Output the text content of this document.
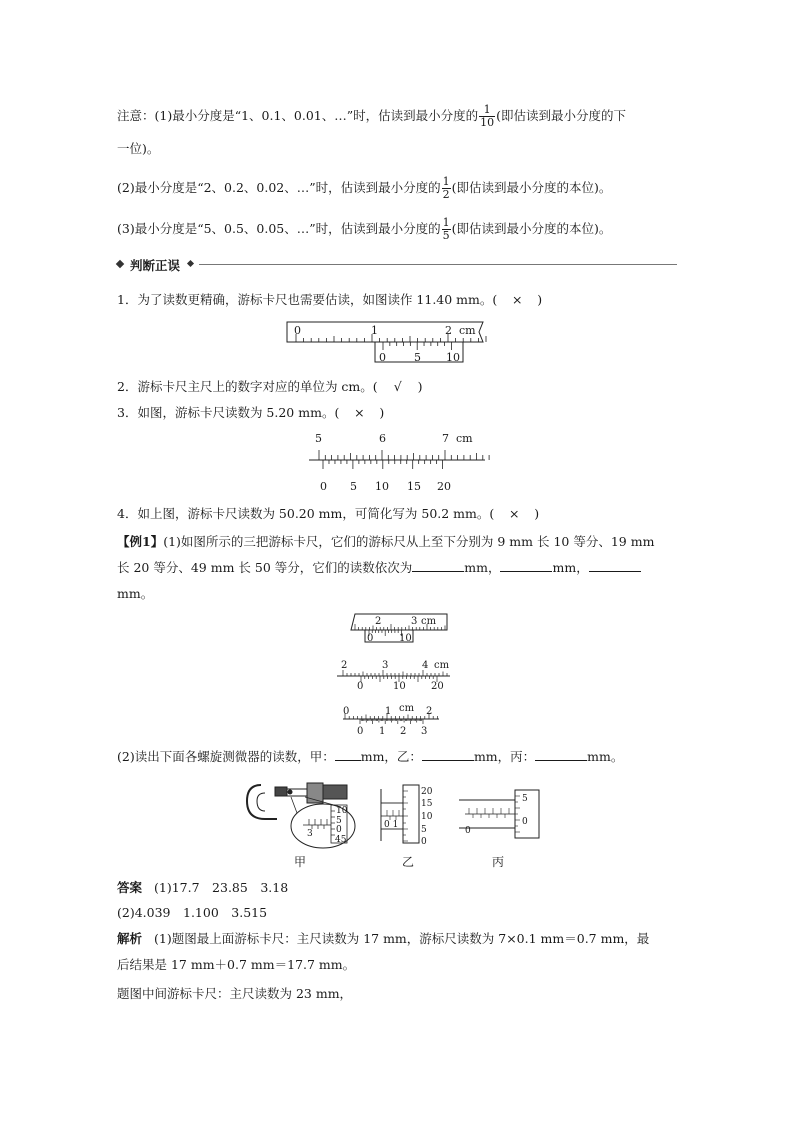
注意：(1)最小分度是“1、0.1、0.01、…”时，估读到最小分度的 $\frac{1}{10}$ (即估读到最小分度的下
一位)。
(2)最小分度是“2、0.2、0.02、…”时，估读到最小分度的 $\frac{1}{2}$ (即估读到最小分度的本位)。
(3)最小分度是“5、0.5、0.05、…”时，估读到最小分度的 $\frac{1}{5}$ (即估读到最小分度的本位)。
判断正误
1．为了读数更精确，游标卡尺也需要估读，如图读作 11.40 mm。( × )
0	1	2 cm
0	5 10
2．游标卡尺主尺上的数字对应的单位为 cm。( √ )
3．如图，游标卡尺读数为 5.20 mm。( × )
5	6	7 cm
0 5 10 15 20
4．如上图，游标卡尺读数为 50.20 mm，可简化写为 50.2 mm。( × )
【例1】(1)如图所示的三把游标卡尺，它们的游标尺从上至下分别为 9 mm 长 10 等分、19 mm
长 20 等分、49 mm 长 50 等分，它们的读数依次为	mm，	mm，
mm。
2	3 cm
0	10
2	3	4 cm
0	10	20
0	1 cm 2
0 1 2 3
(2)读出下面各螺旋测微器的读数，甲： mm，乙：	mm，丙：	mm。
10
5
0
45
3
甲
20
15
10
5
0
0 1
乙
5
0
0
丙
答案 (1)17.7　23.85　3.18
(2)4.039　1.100　3.515
解析 (1)题图最上面游标卡尺：主尺读数为 17 mm，游标尺读数为 7×0.1 mm＝0.7 mm，最
后结果是 17 mm＋0.7 mm＝17.7 mm。
题图中间游标卡尺：主尺读数为 23 mm，
